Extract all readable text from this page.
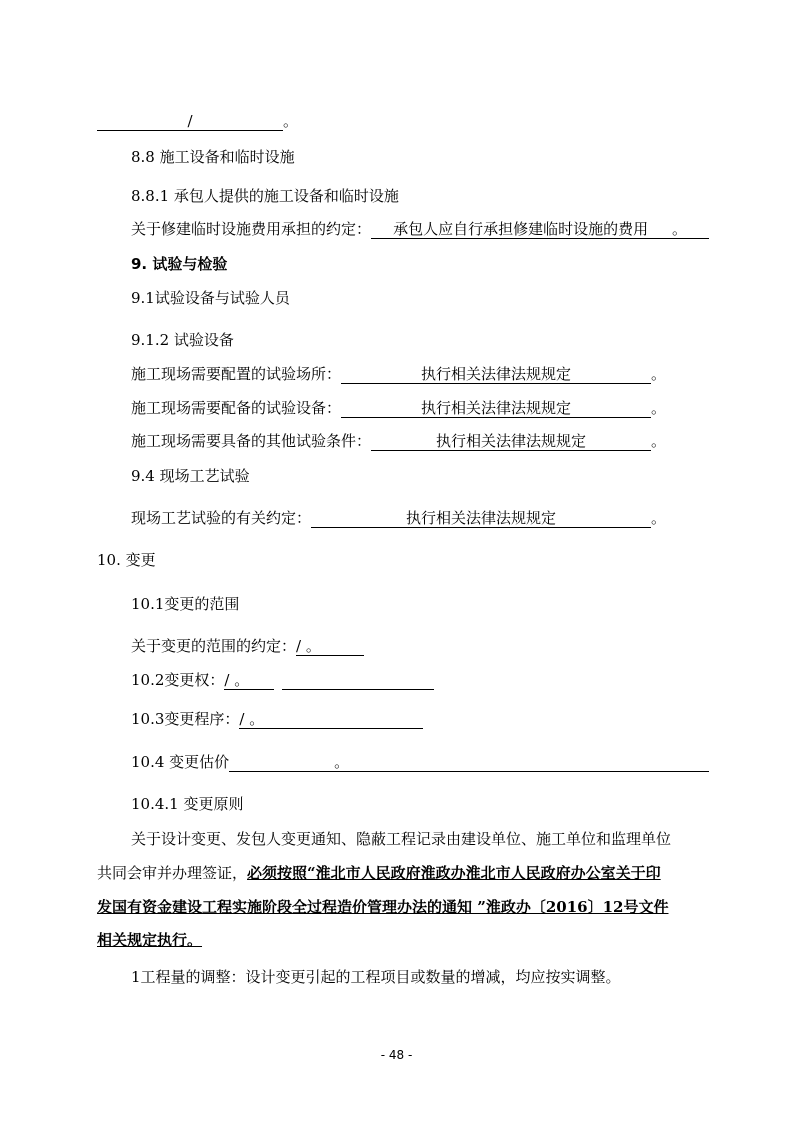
/	。
8.8 施工设备和临时设施
8.8.1 承包人提供的施工设备和临时设施
关于修建临时设施费用承担的约定： 承包人应自行承担修建临时设施的费用 。
9. 试验与检验
9.1试验设备与试验人员
9.1.2 试验设备
施工现场需要配置的试验场所：	执行相关法律法规规定	。
施工现场需要配备的试验设备：	执行相关法律法规规定	。
施工现场需要具备的其他试验条件：	执行相关法律法规规定	。
9.4 现场工艺试验
现场工艺试验的有关约定：	执行相关法律法规规定	。
10. 变更
10.1变更的范围
关于变更的范围的约定：/ 。
10.2变更权：/ 。
10.3变更程序：/ 。
10.4 变更估价	。
10.4.1 变更原则
关于设计变更、发包人变更通知、隐蔽工程记录由建设单位、施工单位和监理单位
共同会审并办理签证，必须按照“淮北市人民政府淮政办淮北市人民政府办公室关于印
发国有资金建设工程实施阶段全过程造价管理办法的通知 ”淮政办〔2016〕12号文件
相关规定执行。
1工程量的调整：设计变更引起的工程项目或数量的增减，均应按实调整。
- 48 -
